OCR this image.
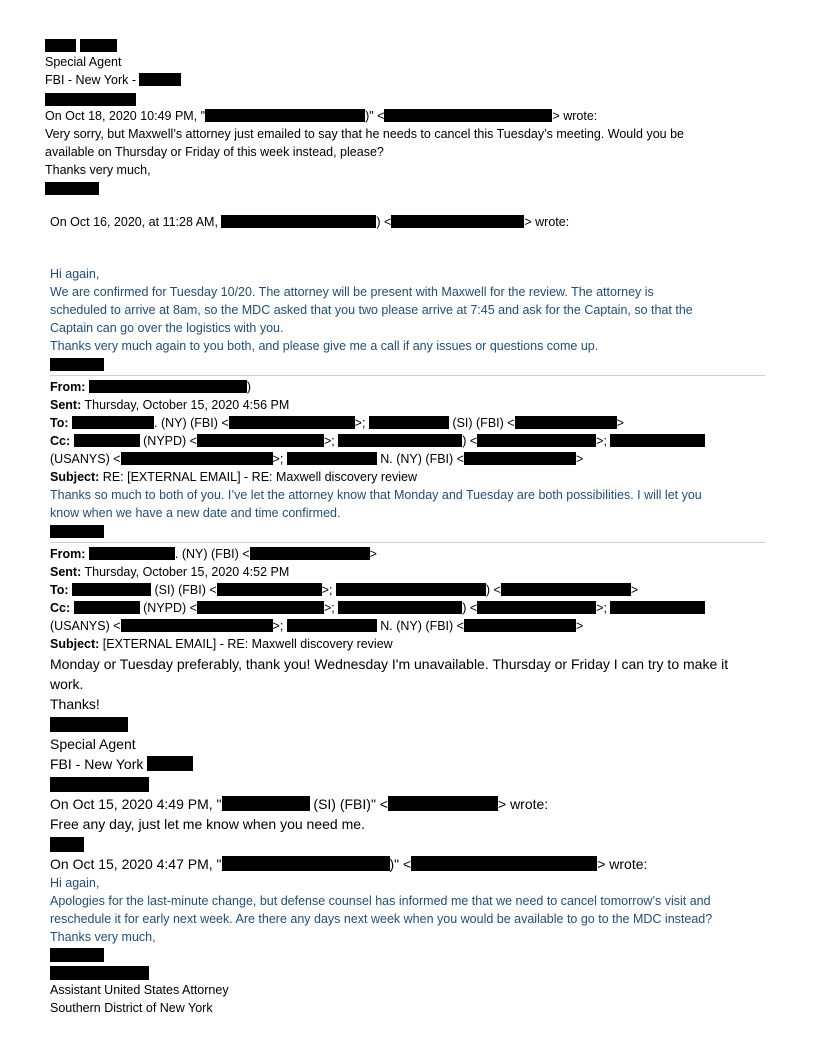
Special Agent
FBI - New York -
On Oct 18, 2020 10:49 PM, "	)" <	> wrote:
Very sorry, but Maxwell’s attorney just emailed to say that he needs to cancel this Tuesday’s meeting. Would you be
available on Thursday or Friday of this week instead, please?
Thanks very much,
On Oct 16, 2020, at 11:28 AM,	) <	> wrote:
Hi again,
We are confirmed for Tuesday 10/20. The attorney will be present with Maxwell for the review. The attorney is
scheduled to arrive at 8am, so the MDC asked that you two please arrive at 7:45 and ask for the Captain, so that the
Captain can go over the logistics with you.
Thanks very much again to you both, and please give me a call if any issues or questions come up.
From:	)
Sent: Thursday, October 15, 2020 4:56 PM
To:	. (NY) (FBI) <	>;	(SI) (FBI) <	>
Cc:	(NYPD) <	>;	) <	>;
(USANYS) <	>;	N. (NY) (FBI) <	>
Subject: RE: [EXTERNAL EMAIL] - RE: Maxwell discovery review
Thanks so much to both of you. I’ve let the attorney know that Monday and Tuesday are both possibilities. I will let you
know when we have a new date and time confirmed.
From:	. (NY) (FBI) <	>
Sent: Thursday, October 15, 2020 4:52 PM
To:	(SI) (FBI) <	>;	) <	>
Cc:	(NYPD) <	>;	) <	>;
(USANYS) <	>;	N. (NY) (FBI) <	>
Subject: [EXTERNAL EMAIL] - RE: Maxwell discovery review
Monday or Tuesday preferably, thank you! Wednesday I'm unavailable. Thursday or Friday I can try to make it
work.
Thanks!
Special Agent
FBI - New York
On Oct 15, 2020 4:49 PM, "	(SI) (FBI)" <	> wrote:
Free any day, just let me know when you need me.
On Oct 15, 2020 4:47 PM, "	)" <	> wrote:
Hi again,
Apologies for the last-minute change, but defense counsel has informed me that we need to cancel tomorrow’s visit and
reschedule it for early next week. Are there any days next week when you would be available to go to the MDC instead?
Thanks very much,
Assistant United States Attorney
Southern District of New York
